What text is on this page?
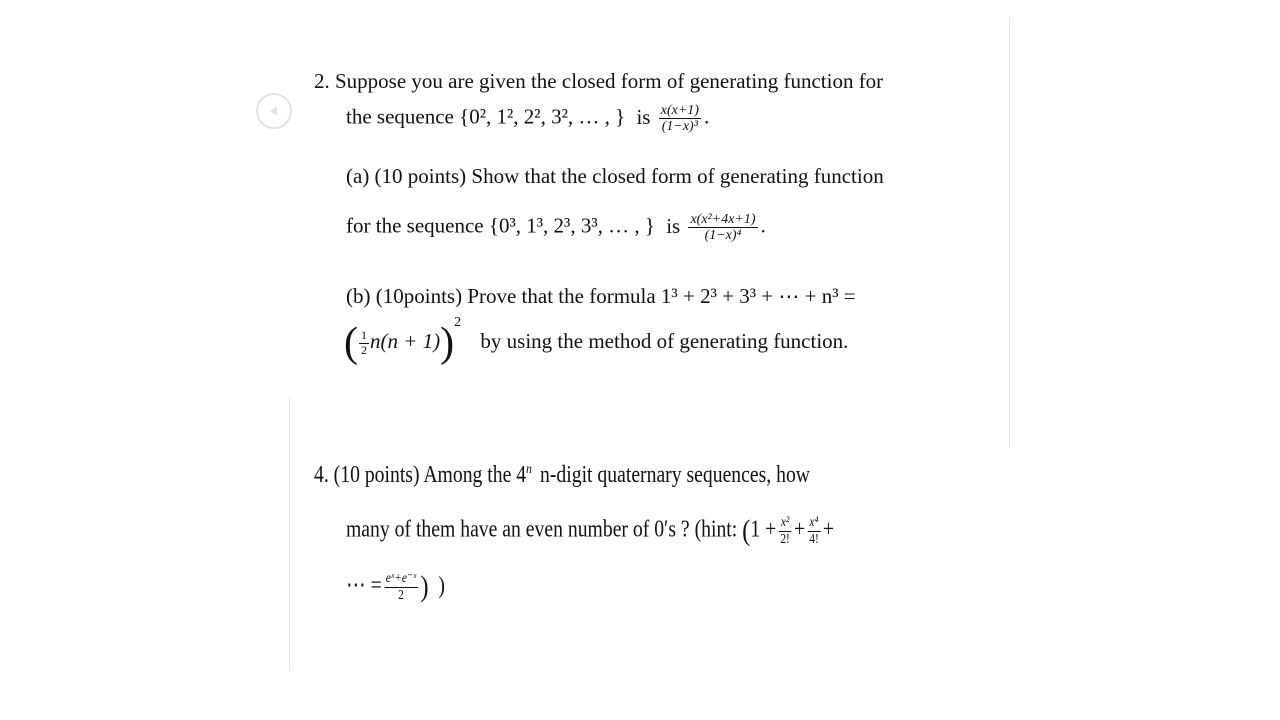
2. Suppose you are given the closed form of generating function for
the sequence {0², 1², 2², 3², … , } is $\frac{x(x+1)}{\text{(1−x)³}}$ .
(a) (10 points) Show that the closed form of generating function
for the sequence {0³, 1³, 2³, 3³, … , } is $\frac{\text{x(x²+4x+1)}}{\text{(1−x)⁴}}$ .
(b) (10points) Prove that the formula 1³ + 2³ + 3³ + ⋯ + n³ =
( $\frac{1}{2} n(n + 1))^2$ by using the method of generating function.
4. (10 points) Among the 4$^n$ n-digit quaternary sequences, how
many of them have an even number of 0′s ? (hint: ($1 + \frac{\text{x²}}{2!} + \frac{\text{x⁴}}{4!}$ +
⋯ = $\frac{\text{eˣ+e⁻ˣ}}{2}$ ) )
